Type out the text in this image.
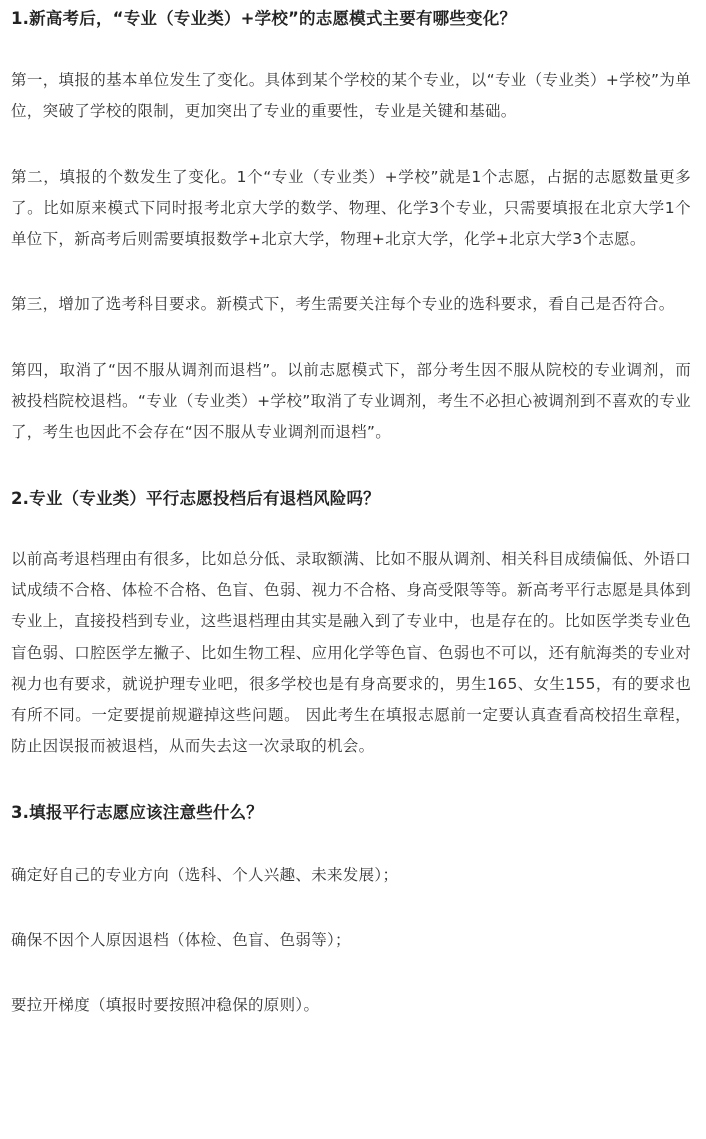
1.新高考后，“专业（专业类）+学校”的志愿模式主要有哪些变化？

第一，填报的基本单位发生了变化。具体到某个学校的某个专业，以“专业（专业类）+学校”为单位，突破了学校的限制，更加突出了专业的重要性，专业是关键和基础。

第二，填报的个数发生了变化。1个“专业（专业类）+学校”就是1个志愿，占据的志愿数量更多了。比如原来模式下同时报考北京大学的数学、物理、化学3个专业，只需要填报在北京大学1个单位下，新高考后则需要填报数学+北京大学，物理+北京大学，化学+北京大学3个志愿。

第三，增加了选考科目要求。新模式下，考生需要关注每个专业的选科要求，看自己是否符合。

第四，取消了“因不服从调剂而退档”。以前志愿模式下，部分考生因不服从院校的专业调剂，而被投档院校退档。“专业（专业类）+学校”取消了专业调剂，考生不必担心被调剂到不喜欢的专业了，考生也因此不会存在“因不服从专业调剂而退档”。

2.专业（专业类）平行志愿投档后有退档风险吗？

以前高考退档理由有很多，比如总分低、录取额满、比如不服从调剂、相关科目成绩偏低、外语口试成绩不合格、体检不合格、色盲、色弱、视力不合格、身高受限等等。新高考平行志愿是具体到专业上，直接投档到专业，这些退档理由其实是融入到了专业中，也是存在的。比如医学类专业色盲色弱、口腔医学左撇子、比如生物工程、应用化学等色盲、色弱也不可以，还有航海类的专业对视力也有要求，就说护理专业吧，很多学校也是有身高要求的，男生165、女生155，有的要求也有所不同。一定要提前规避掉这些问题。 因此考生在填报志愿前一定要认真查看高校招生章程，防止因误报而被退档，从而失去这一次录取的机会。

3.填报平行志愿应该注意些什么？

确定好自己的专业方向（选科、个人兴趣、未来发展）；

确保不因个人原因退档（体检、色盲、色弱等）；

要拉开梯度（填报时要按照冲稳保的原则）。
